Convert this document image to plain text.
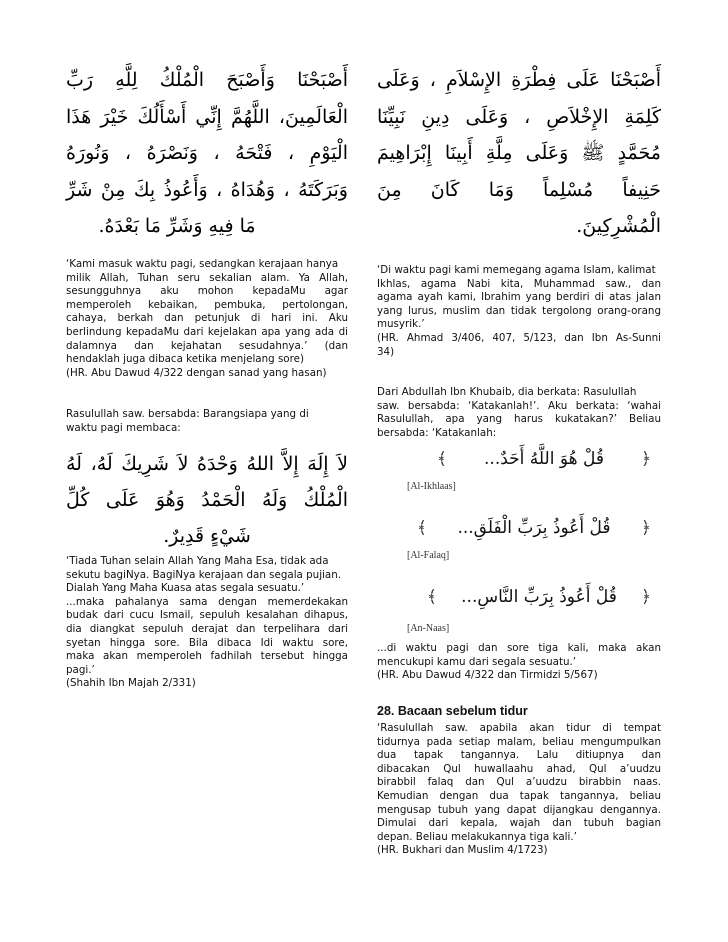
أَصْبَحْنَا وَأَصْبَحَ الْمُلْكُ لِلَّهِ رَبِّ
الْعَالَمِينَ، اللَّهُمَّ إِنِّي أَسْأَلُكَ خَيْرَ هَذَا
الْيَوْمِ ، فَتْحَهُ ، وَنَصْرَهُ ، وَنُورَهُ
وَبَرَكَتَهُ ، وَهُدَاهُ ، وَأَعُوذُ بِكَ مِنْ شَرِّ
مَا فِيهِ وَشَرِّ مَا بَعْدَهُ.
‘Kami masuk waktu pagi, sedangkan kerajaan hanya
milik Allah, Tuhan seru sekalian alam. Ya Allah,
sesungguhnya aku mohon kepadaMu agar
memperoleh kebaikan, pembuka, pertolongan,
cahaya, berkah dan petunjuk di hari ini. Aku
berlindung kepadaMu dari kejelakan apa yang ada di
dalamnya dan kejahatan sesudahnya.’ (dan
hendaklah juga dibaca ketika menjelang sore)
(HR. Abu Dawud 4/322 dengan sanad yang hasan)
Rasulullah saw. bersabda: Barangsiapa yang di
waktu pagi membaca:
لاَ إِلَهَ إِلاَّ اللهُ وَحْدَهُ لاَ شَرِيكَ لَهُ، لَهُ
الْمُلْكُ وَلَهُ الْحَمْدُ وَهُوَ عَلَى كُلِّ
شَيْءٍ قَدِيرٌ.
‘Tiada Tuhan selain Allah Yang Maha Esa, tidak ada
sekutu bagiNya. BagiNya kerajaan dan segala pujian.
Dialah Yang Maha Kuasa atas segala sesuatu.’
...maka pahalanya sama dengan memerdekakan
budak dari cucu Ismail, sepuluh kesalahan dihapus,
dia diangkat sepuluh derajat dan terpelihara dari
syetan hingga sore. Bila dibaca Idi waktu sore,
maka akan memperoleh fadhilah tersebut hingga
pagi.’
(Shahih Ibn Majah 2/331)
أَصْبَحْنَا عَلَى فِطْرَةِ الإِسْلاَمِ ، وَعَلَى
كَلِمَةِ الإِخْلاَصِ ، وَعَلَى دِينِ نَبِيِّنَا
مُحَمَّدٍ ﷺ وَعَلَى مِلَّةِ أَبِينَا إِبْرَاهِيمَ
حَنِيفاً مُسْلِماً وَمَا كَانَ مِنَ
الْمُشْرِكِينَ.
‘Di waktu pagi kami memegang agama Islam, kalimat
Ikhlas, agama Nabi kita, Muhammad saw., dan
agama ayah kami, Ibrahim yang berdiri di atas jalan
yang lurus, muslim dan tidak tergolong orang-orang
musyrik.’
(HR. Ahmad 3/406, 407, 5/123, dan Ibn As-Sunni
34)
Dari Abdullah Ibn Khubaib, dia berkata: Rasulullah
saw. bersabda: ‘Katakanlah!’. Aku berkata: ‘wahai
Rasulullah, apa yang harus kukatakan?’ Beliau
bersabda: ‘Katakanlah:
﴿
قُلْ هُوَ اللَّهُ أَحَدٌ...
﴾
[Al-Ikhlaas]
﴿
قُلْ أَعُوذُ بِرَبِّ الْفَلَقِ...
﴾
[Al-Falaq]
﴿
قُلْ أَعُوذُ بِرَبِّ النَّاسِ...
﴾
[An-Naas]
...di waktu pagi dan sore tiga kali, maka akan
mencukupi kamu dari segala sesuatu.’
(HR. Abu Dawud 4/322 dan Tirmidzi 5/567)

28. Bacaan sebelum tidur

‘Rasulullah saw. apabila akan tidur di tempat
tidurnya pada setiap malam, beliau mengumpulkan
dua tapak tangannya. Lalu ditiupnya dan
dibacakan Qul huwallaahu ahad, Qul a’uudzu
birabbil falaq dan Qul a’uudzu birabbin naas.
Kemudian dengan dua tapak tangannya, beliau
mengusap tubuh yang dapat dijangkau dengannya.
Dimulai dari kepala, wajah dan tubuh bagian
depan. Beliau melakukannya tiga kali.’
(HR. Bukhari dan Muslim 4/1723)
